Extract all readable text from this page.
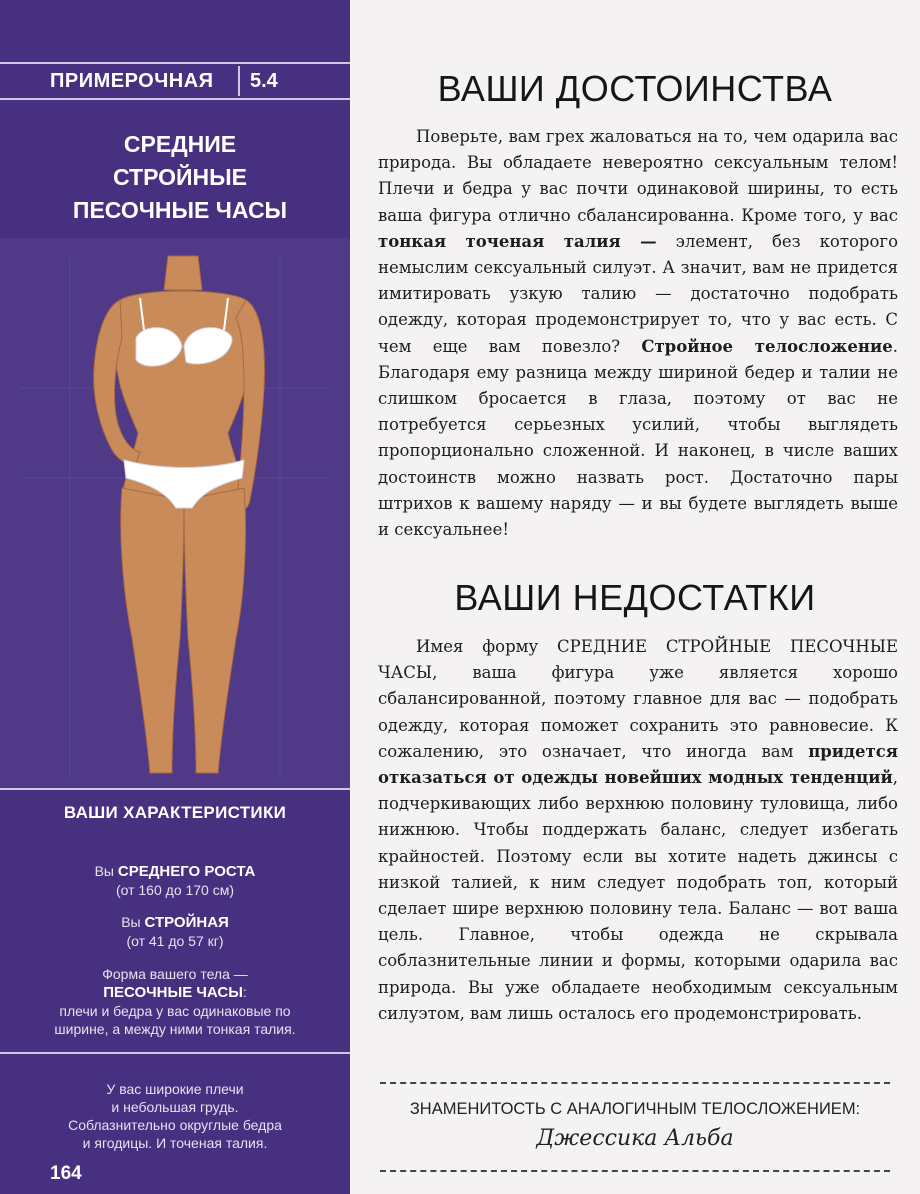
ПРИМЕРОЧНАЯ 5.4
СРЕДНИЕ
СТРОЙНЫЕ
ПЕСОЧНЫЕ ЧАСЫ
ВАШИ ХАРАКТЕРИСТИКИ
Вы СРЕДНЕГО РОСТА
(от 160 до 170 см)
Вы СТРОЙНАЯ
(от 41 до 57 кг)
Форма вашего тела —
ПЕСОЧНЫЕ ЧАСЫ:
плечи и бедра у вас одинаковые по
ширине, а между ними тонкая талия.
У вас широкие плечи
и небольшая грудь.
Соблазнительно округлые бедра
и ягодицы. И точеная талия.
164
ВАШИ ДОСТОИНСТВА

Поверьте, вам грех жаловаться на то, чем одарила вас природа. Вы обладаете невероятно сексуальным телом! Плечи и бедра у вас почти одинаковой ширины, то есть ваша фигура отлично сбалансированна. Кроме того, у вас тонкая точеная талия — элемент, без которого немыслим сексуальный силуэт. А значит, вам не придется имитировать узкую талию — достаточно подобрать одежду, которая продемонстрирует то, что у вас есть. С чем еще вам повезло? Стройное телосложение. Благодаря ему разница между шириной бедер и талии не слишком бросается в глаза, поэтому от вас не потребуется серьезных усилий, чтобы выглядеть пропорционально сложенной. И наконец, в числе ваших достоинств можно назвать рост. Достаточно пары штрихов к вашему наряду — и вы будете выглядеть выше и сексуальнее!

ВАШИ НЕДОСТАТКИ

Имея форму СРЕДНИЕ СТРОЙНЫЕ ПЕСОЧНЫЕ ЧАСЫ, ваша фигура уже является хорошо сбалансированной, поэтому главное для вас — подобрать одежду, которая поможет сохранить это равновесие. К сожалению, это означает, что иногда вам придется отказаться от одежды новейших модных тенденций, подчеркивающих либо верхнюю половину туловища, либо нижнюю. Чтобы поддержать баланс, следует избегать крайностей. Поэтому если вы хотите надеть джинсы с низкой талией, к ним следует подобрать топ, который сделает шире верхнюю половину тела. Баланс — вот ваша цель. Главное, чтобы одежда не скрывала соблазнительные линии и формы, которыми одарила вас природа. Вы уже обладаете необходимым сексуальным силуэтом, вам лишь осталось его продемонстрировать.

ЗНАМЕНИТОСТЬ С АНАЛОГИЧНЫМ ТЕЛОСЛОЖЕНИЕМ:
Джессика Альба
